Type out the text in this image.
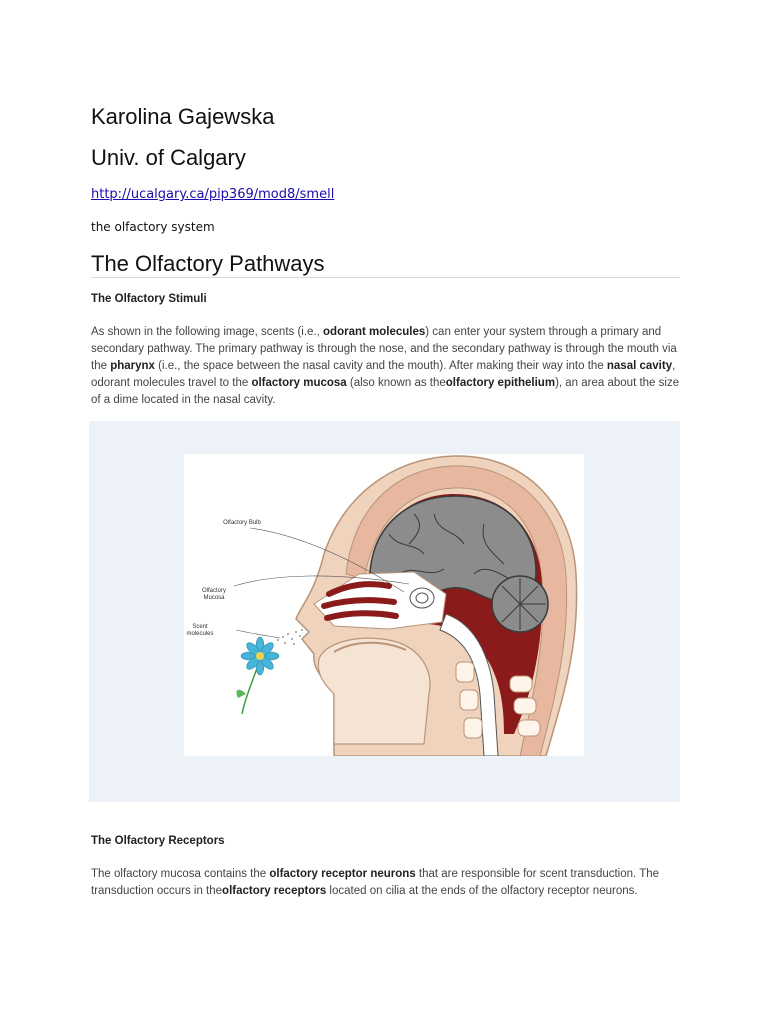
Karolina Gajewska
Univ. of Calgary
http://ucalgary.ca/pip369/mod8/smell
the olfactory system
The Olfactory Pathways
The Olfactory Stimuli

As shown in the following image, scents (i.e., odorant molecules) can enter your system through a primary and secondary pathway. The primary pathway is through the nose, and the secondary pathway is through the mouth via the pharynx (i.e., the space between the nasal cavity and the mouth). After making their way into the nasal cavity, odorant molecules travel to the olfactory mucosa (also known as theolfactory epithelium), an area about the size of a dime located in the nasal cavity.

Olfactory Bulb
Olfactory Mucosa
Scent molecules
The Olfactory Receptors

The olfactory mucosa contains the olfactory receptor neurons that are responsible for scent transduction. The transduction occurs in theolfactory receptors located on cilia at the ends of the olfactory receptor neurons.
